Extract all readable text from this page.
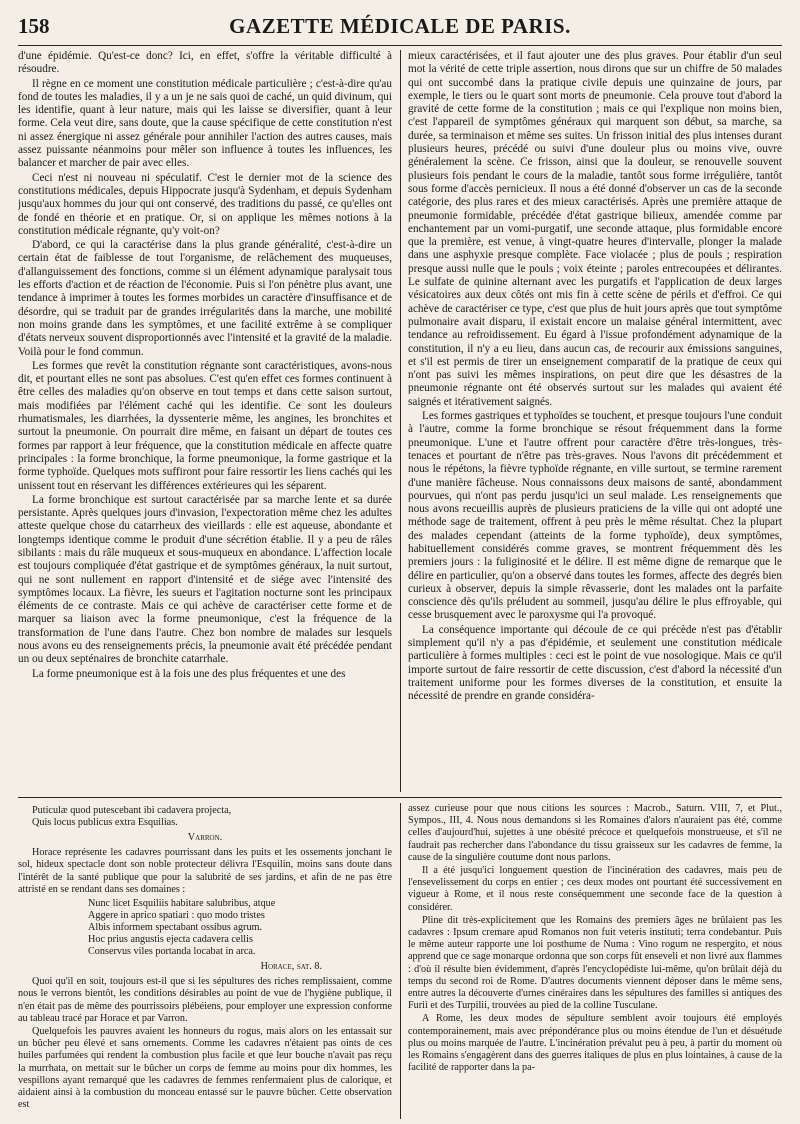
158	GAZETTE MÉDICALE DE PARIS.

d'une épidémie. Qu'est-ce donc? Ici, en effet, s'offre la véritable difficulté à résoudre.

Il règne en ce moment une constitution médicale particulière ; c'est-à-dire qu'au fond de toutes les maladies, il y a un je ne sais quoi de caché, un quid divinum, qui les identifie, quant à leur nature, mais qui les laisse se diversifier, quant à leur forme. Cela veut dire, sans doute, que la cause spécifique de cette constitution n'est ni assez énergique ni assez générale pour annihiler l'action des autres causes, mais assez puissante néanmoins pour mêler son influence à toutes les influences, les balancer et marcher de pair avec elles.

Ceci n'est ni nouveau ni spéculatif. C'est le dernier mot de la science des constitutions médicales, depuis Hippocrate jusqu'à Sydenham, et depuis Sydenham jusqu'aux hommes du jour qui ont conservé, des traditions du passé, ce qu'elles ont de fondé en théorie et en pratique. Or, si on applique les mêmes notions à la constitution médicale régnante, qu'y voit-on?

D'abord, ce qui la caractérise dans la plus grande généralité, c'est-à-dire un certain état de faiblesse de tout l'organisme, de relâchement des muqueuses, d'allanguissement des fonctions, comme si un élément adynamique paralysait tous les efforts d'action et de réaction de l'économie. Puis si l'on pénètre plus avant, une tendance à imprimer à toutes les formes morbides un caractère d'insuffisance et de désordre, qui se traduit par de grandes irrégularités dans la marche, une mobilité non moins grande dans les symptômes, et une facilité extrême à se compliquer d'états nerveux souvent disproportionnés avec l'intensité et la gravité de la maladie. Voilà pour le fond commun.

Les formes que revêt la constitution régnante sont caractéristiques, avons-nous dit, et pourtant elles ne sont pas absolues. C'est qu'en effet ces formes continuent à être celles des maladies qu'on observe en tout temps et dans cette saison surtout, mais modifiées par l'élément caché qui les identifie. Ce sont les douleurs rhumatismales, les diarrhées, la dyssenterie même, les angines, les bronchites et surtout la pneumonie. On pourrait dire même, en faisant un départ de toutes ces formes par rapport à leur fréquence, que la constitution médicale en affecte quatre principales : la forme bronchique, la forme pneumonique, la forme gastrique et la forme typhoïde. Quelques mots suffiront pour faire ressortir les liens cachés qui les unissent tout en réservant les différences extérieures qui les séparent.

La forme bronchique est surtout caractérisée par sa marche lente et sa durée persistante. Après quelques jours d'invasion, l'expectoration même chez les adultes atteste quelque chose du catarrheux des vieillards : elle est aqueuse, abondante et longtemps identique comme le produit d'une sécrétion établie. Il y a peu de râles sibilants : mais du râle muqueux et sous-muqueux en abondance. L'affection locale est toujours compliquée d'état gastrique et de symptômes généraux, la nuit surtout, qui ne sont nullement en rapport d'intensité et de siége avec l'intensité des symptômes locaux. La fièvre, les sueurs et l'agitation nocturne sont les principaux éléments de ce contraste. Mais ce qui achève de caractériser cette forme et de marquer sa liaison avec la forme pneumonique, c'est la fréquence de la transformation de l'une dans l'autre. Chez bon nombre de malades sur lesquels nous avons eu des renseignements précis, la pneumonie avait été précédée pendant un ou deux septénaires de bronchite catarrhale.

La forme pneumonique est à la fois une des plus fréquentes et une des

mieux caractérisées, et il faut ajouter une des plus graves. Pour établir d'un seul mot la vérité de cette triple assertion, nous dirons que sur un chiffre de 50 malades qui ont succombé dans la pratique civile depuis une quinzaine de jours, par exemple, le tiers ou le quart sont morts de pneumonie. Cela prouve tout d'abord la gravité de cette forme de la constitution ; mais ce qui l'explique non moins bien, c'est l'appareil de symptômes généraux qui marquent son début, sa marche, sa durée, sa terminaison et même ses suites. Un frisson initial des plus intenses durant plusieurs heures, précédé ou suivi d'une douleur plus ou moins vive, ouvre généralement la scène. Ce frisson, ainsi que la douleur, se renouvelle souvent plusieurs fois pendant le cours de la maladie, tantôt sous forme irrégulière, tantôt sous forme d'accès pernicieux. Il nous a été donné d'observer un cas de la seconde catégorie, des plus rares et des mieux caractérisés. Après une première attaque de pneumonie formidable, précédée d'état gastrique bilieux, amendée comme par enchantement par un vomi-purgatif, une seconde attaque, plus formidable encore que la première, est venue, à vingt-quatre heures d'intervalle, plonger la malade dans une asphyxie presque complète. Face violacée ; plus de pouls ; respiration presque aussi nulle que le pouls ; voix éteinte ; paroles entrecoupées et délirantes. Le sulfate de quinine alternant avec les purgatifs et l'application de deux larges vésicatoires aux deux côtés ont mis fin à cette scène de périls et d'effroi. Ce qui achève de caractériser ce type, c'est que plus de huit jours après que tout symptôme pulmonaire avait disparu, il existait encore un malaise général intermittent, avec tendance au refroidissement. Eu égard à l'issue profondément adynamique de la constitution, il n'y a eu lieu, dans aucun cas, de recourir aux émissions sanguines, et s'il est permis de tirer un enseignement comparatif de la pratique de ceux qui n'ont pas suivi les mêmes inspirations, on peut dire que les désastres de la pneumonie régnante ont été observés surtout sur les malades qui avaient été saignés et itérativement saignés.

Les formes gastriques et typhoïdes se touchent, et presque toujours l'une conduit à l'autre, comme la forme bronchique se résout fréquemment dans la forme pneumonique. L'une et l'autre offrent pour caractère d'être très-longues, très-tenaces et pourtant de n'être pas très-graves. Nous l'avons dit précédemment et nous le répétons, la fièvre typhoïde régnante, en ville surtout, se termine rarement d'une manière fâcheuse. Nous connaissons deux maisons de santé, abondamment pourvues, qui n'ont pas perdu jusqu'ici un seul malade. Les renseignements que nous avons recueillis auprès de plusieurs praticiens de la ville qui ont adopté une méthode sage de traitement, offrent à peu près le même résultat. Chez la plupart des malades cependant (atteints de la forme typhoïde), deux symptômes, habituellement considérés comme graves, se montrent fréquemment dès les premiers jours : la fuliginosité et le délire. Il est même digne de remarque que le délire en particulier, qu'on a observé dans toutes les formes, affecte des degrés bien curieux à observer, depuis la simple rêvasserie, dont les malades ont la parfaite conscience dès qu'ils préludent au sommeil, jusqu'au délire le plus effroyable, qui cesse brusquement avec le paroxysme qui l'a provoqué.

La conséquence importante qui découle de ce qui précède n'est pas d'établir simplement qu'il n'y a pas d'épidémie, et seulement une constitution médicale particulière à formes multiples : ceci est le point de vue nosologique. Mais ce qu'il importe surtout de faire ressortir de cette discussion, c'est d'abord la nécessité d'un traitement uniforme pour les formes diverses de la constitution, et ensuite la nécessité de prendre en grande considéra-

Puticulæ quod putescebant ibi cadavera projecta,
Quis locus publicus extra Esquilias.

Varron.

Horace représente les cadavres pourrissant dans les puits et les ossements jonchant le sol, hideux spectacle dont son noble protecteur délivra l'Esquilin, moins sans doute dans l'intérêt de la santé publique que pour la salubrité de ses jardins, et afin de ne pas être attristé en se rendant dans ses domaines :

Nunc licet Esquiliis habitare salubribus, atque
Aggere in aprico spatiari : quo modo tristes
Albis informem spectabant ossibus agrum.
Hoc prius angustis ejecta cadavera cellis
Conservus viles portanda locabat in arca.

Horace, sat. 8.

Quoi qu'il en soit, toujours est-il que si les sépultures des riches remplissaient, comme nous le verrons bientôt, les conditions désirables au point de vue de l'hygiène publique, il n'en était pas de même des pourrissoirs plébéiens, pour employer une expression conforme au tableau tracé par Horace et par Varron.

Quelquefois les pauvres avaient les honneurs du rogus, mais alors on les entassait sur un bûcher peu élevé et sans ornements. Comme les cadavres n'étaient pas oints de ces huiles parfumées qui rendent la combustion plus facile et que leur bouche n'avait pas reçu la murrhata, on mettait sur le bûcher un corps de femme au moins pour dix hommes, les vespillons ayant remarqué que les cadavres de femmes renfermaient plus de calorique, et aidaient ainsi à la combustion du monceau entassé sur le pauvre bûcher. Cette observation est

assez curieuse pour que nous citions les sources : Macrob., Saturn. VIII, 7, et Plut., Sympos., III, 4. Nous nous demandons si les Romaines d'alors n'auraient pas été, comme celles d'aujourd'hui, sujettes à une obésité précoce et quelquefois monstrueuse, et s'il ne faudrait pas rechercher dans l'abondance du tissu graisseux sur les cadavres de femme, la cause de la singulière coutume dont nous parlons.

Il a été jusqu'ici longuement question de l'incinération des cadavres, mais peu de l'ensevelissement du corps en entier ; ces deux modes ont pourtant été successivement en vigueur à Rome, et il nous reste conséquemment une seconde face de la question à considérer.

Pline dit très-explicitement que les Romains des premiers âges ne brûlaient pas les cadavres : Ipsum cremare apud Romanos non fuit veteris instituti; terra condebantur. Puis le même auteur rapporte une loi posthume de Numa : Vino rogum ne respergito, et nous apprend que ce sage monarque ordonna que son corps fût enseveli et non livré aux flammes : d'où il résulte bien évidemment, d'après l'encyclopédiste lui-même, qu'on brûlait déjà du temps du second roi de Rome. D'autres documents viennent déposer dans le même sens, entre autres la découverte d'urnes cinéraires dans les sépultures des familles si antiques des Furii et des Turpilii, trouvées au pied de la colline Tusculane.

A Rome, les deux modes de sépulture semblent avoir toujours été employés contemporainement, mais avec prépondérance plus ou moins étendue de l'un et désuétude plus ou moins marquée de l'autre. L'incinération prévalut peu à peu, à partir du moment où les Romains s'engagèrent dans des guerres italiques de plus en plus lointaines, à cause de la facilité de rapporter dans la pa-
